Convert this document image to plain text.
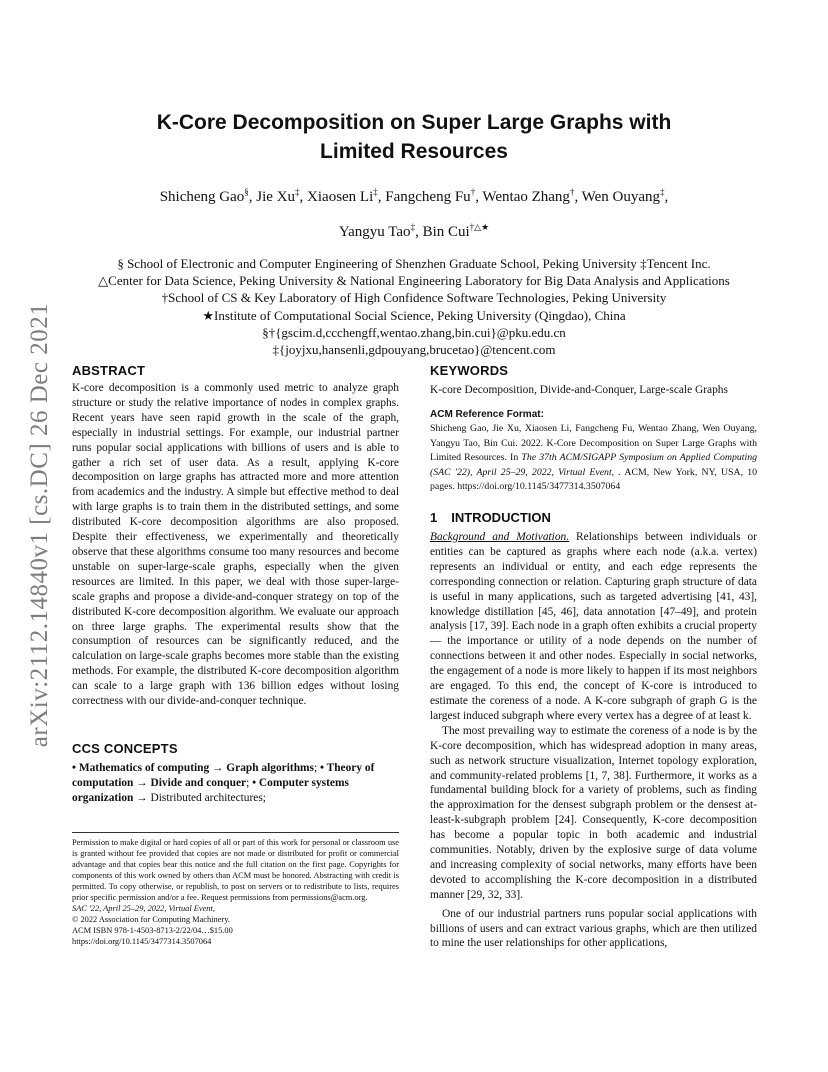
arXiv:2112.14840v1 [cs.DC] 26 Dec 2021
K-Core Decomposition on Super Large Graphs with
Limited Resources
Shicheng Gao§, Jie Xu‡, Xiaosen Li‡, Fangcheng Fu†, Wentao Zhang†, Wen Ouyang‡,
Yangyu Tao‡, Bin Cui†△★
§ School of Electronic and Computer Engineering of Shenzhen Graduate School, Peking University ‡Tencent Inc.
△Center for Data Science, Peking University & National Engineering Laboratory for Big Data Analysis and Applications
†School of CS & Key Laboratory of High Confidence Software Technologies, Peking University
★Institute of Computational Social Science, Peking University (Qingdao), China
§†{gscim.d,ccchengff,wentao.zhang,bin.cui}@pku.edu.cn
‡{joyjxu,hansenli,gdpouyang,brucetao}@tencent.com
ABSTRACT

K-core decomposition is a commonly used metric to analyze graph structure or study the relative importance of nodes in complex graphs. Recent years have seen rapid growth in the scale of the graph, especially in industrial settings. For example, our industrial partner runs popular social applications with billions of users and is able to gather a rich set of user data. As a result, applying K-core decomposition on large graphs has attracted more and more attention from academics and the industry. A simple but effective method to deal with large graphs is to train them in the distributed settings, and some distributed K-core decomposition algorithms are also proposed. Despite their effectiveness, we experimentally and theoretically observe that these algorithms consume too many resources and become unstable on super-large-scale graphs, especially when the given resources are limited. In this paper, we deal with those super-large-scale graphs and propose a divide-and-conquer strategy on top of the distributed K-core decomposition algorithm. We evaluate our approach on three large graphs. The experimental results show that the consumption of resources can be significantly reduced, and the calculation on large-scale graphs becomes more stable than the existing methods. For example, the distributed K-core decomposition algorithm can scale to a large graph with 136 billion edges without losing correctness with our divide-and-conquer technique.

CCS CONCEPTS

• Mathematics of computing → Graph algorithms; • Theory of computation → Divide and conquer; • Computer systems organization → Distributed architectures;

Permission to make digital or hard copies of all or part of this work for personal or classroom use is granted without fee provided that copies are not made or distributed for profit or commercial advantage and that copies bear this notice and the full citation on the first page. Copyrights for components of this work owned by others than ACM must be honored. Abstracting with credit is permitted. To copy otherwise, or republish, to post on servers or to redistribute to lists, requires prior specific permission and/or a fee. Request permissions from permissions@acm.org.

SAC '22, April 25–29, 2022, Virtual Event,

© 2022 Association for Computing Machinery.

ACM ISBN 978-1-4503-8713-2/22/04…$15.00

https://doi.org/10.1145/3477314.3507064

KEYWORDS

K-core Decomposition, Divide-and-Conquer, Large-scale Graphs

ACM Reference Format:
Shicheng Gao, Jie Xu, Xiaosen Li, Fangcheng Fu, Wentao Zhang, Wen Ouyang, Yangyu Tao, Bin Cui. 2022. K-Core Decomposition on Super Large Graphs with Limited Resources. In The 37th ACM/SIGAPP Symposium on Applied Computing (SAC '22), April 25–29, 2022, Virtual Event, . ACM, New York, NY, USA, 10 pages. https://doi.org/10.1145/3477314.3507064
1 INTRODUCTION

Background and Motivation. Relationships between individuals or entities can be captured as graphs where each node (a.k.a. vertex) represents an individual or entity, and each edge represents the corresponding connection or relation. Capturing graph structure of data is useful in many applications, such as targeted advertising [41, 43], knowledge distillation [45, 46], data annotation [47–49], and protein analysis [17, 39]. Each node in a graph often exhibits a crucial property — the importance or utility of a node depends on the number of connections between it and other nodes. Especially in social networks, the engagement of a node is more likely to happen if its most neighbors are engaged. To this end, the concept of K-core is introduced to estimate the coreness of a node. A K-core subgraph of graph G is the largest induced subgraph where every vertex has a degree of at least k.

The most prevailing way to estimate the coreness of a node is by the K-core decomposition, which has widespread adoption in many areas, such as network structure visualization, Internet topology exploration, and community-related problems [1, 7, 38]. Furthermore, it works as a fundamental building block for a variety of problems, such as finding the approximation for the densest subgraph problem or the densest at-least-k-subgraph problem [24]. Consequently, K-core decomposition has become a popular topic in both academic and industrial communities. Notably, driven by the explosive surge of data volume and increasing complexity of social networks, many efforts have been devoted to accomplishing the K-core decomposition in a distributed manner [29, 32, 33].

One of our industrial partners runs popular social applications with billions of users and can extract various graphs, which are then utilized to mine the user relationships for other applications,
